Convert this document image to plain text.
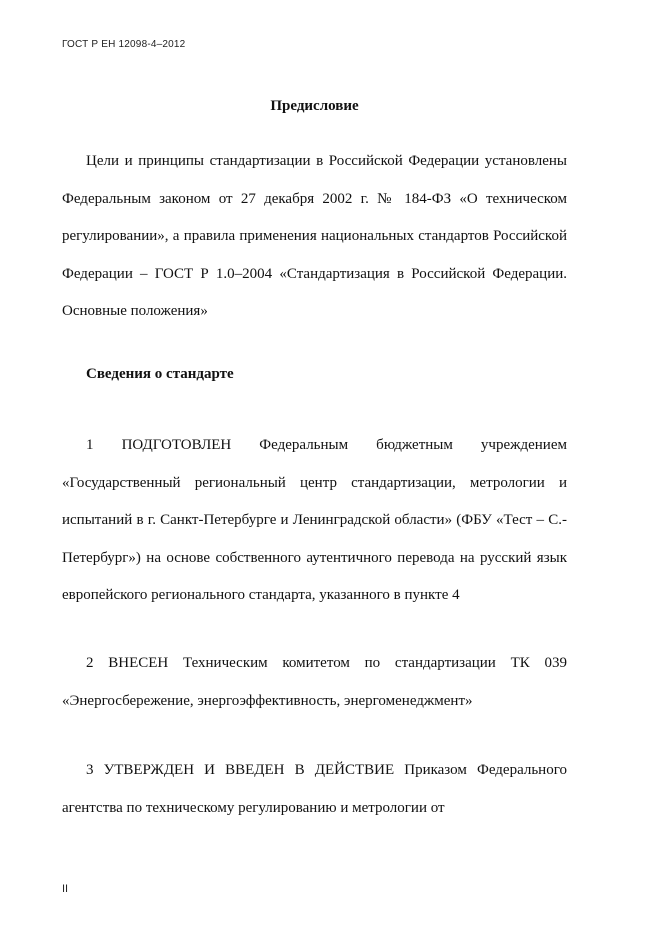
ГОСТ Р ЕН 12098-4–2012
Предисловие

Цели и принципы стандартизации в Российской Федерации установлены Федеральным законом от 27 декабря 2002 г. № 184-ФЗ «О техническом регулировании», а правила применения национальных стандартов Российской Федерации – ГОСТ Р 1.0–2004 «Стандартизация в Российской Федерации. Основные положения»

Сведения о стандарте

1 ПОДГОТОВЛЕН Федеральным бюджетным учреждением «Государственный региональный центр стандартизации, метрологии и испытаний в г. Санкт-Петербурге и Ленинградской области» (ФБУ «Тест – С.-Петербург») на основе собственного аутентичного перевода на русский язык европейского регионального стандарта, указанного в пункте 4

2 ВНЕСЕН Техническим комитетом по стандартизации ТК 039 «Энергосбережение, энергоэффективность, энергоменеджмент»

3 УТВЕРЖДЕН И ВВЕДЕН В ДЕЙСТВИЕ Приказом Федерального агентства по техническому регулированию и метрологии от

II
